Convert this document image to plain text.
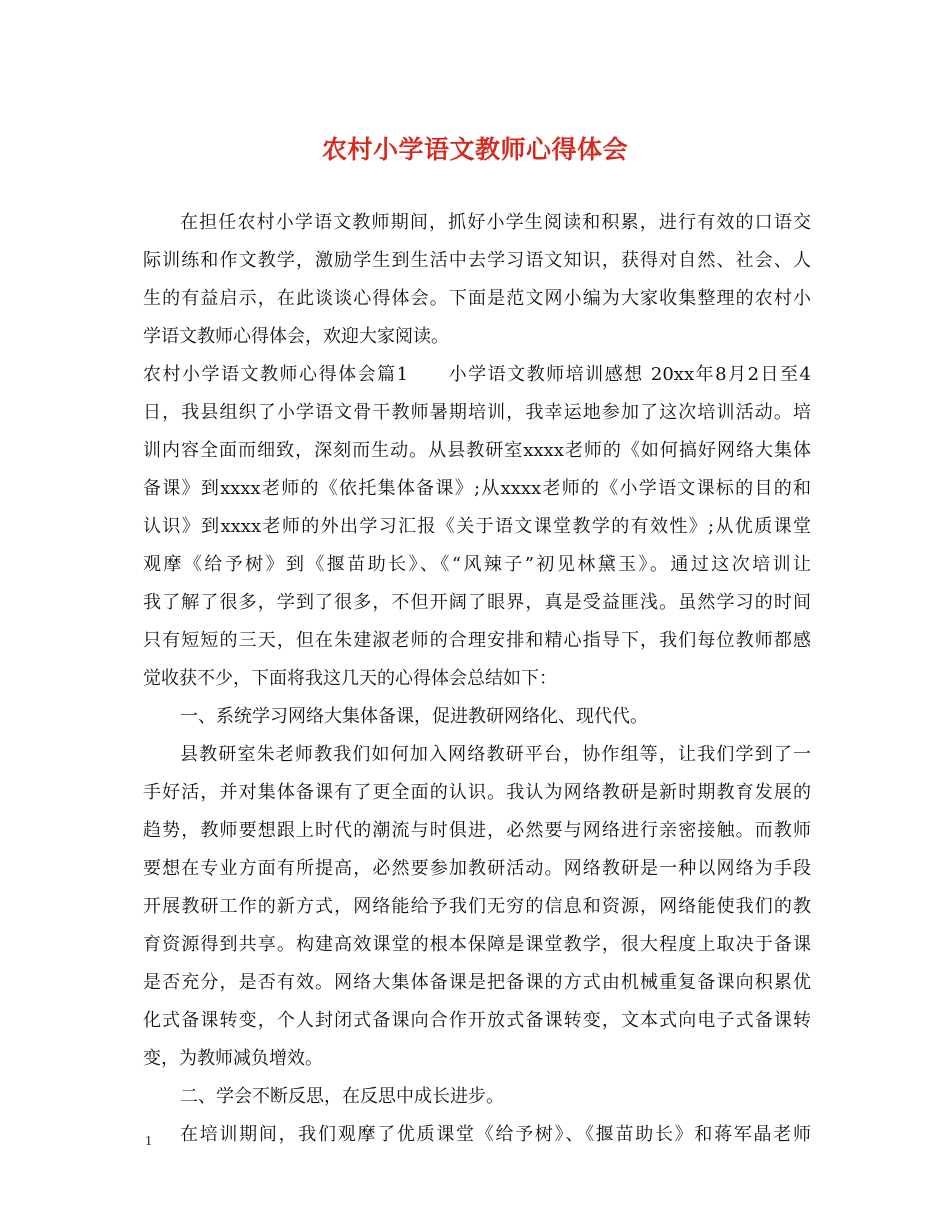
农村小学语文教师心得体会
在担任农村小学语文教师期间，抓好小学生阅读和积累，进行有效的口语交
际训练和作文教学，激励学生到生活中去学习语文知识，获得对自然、社会、人
生的有益启示，在此谈谈心得体会。下面是范文网小编为大家收集整理的农村小
学语文教师心得体会，欢迎大家阅读。
农村小学语文教师心得体会篇1　　小学语文教师培训感想 20xx年8月2日至4
日，我县组织了小学语文骨干教师暑期培训，我幸运地参加了这次培训活动。培
训内容全面而细致，深刻而生动。从县教研室xxxx老师的《如何搞好网络大集体
备课》到xxxx老师的《依托集体备课》;从xxxx老师的《小学语文课标的目的和
认识》到xxxx老师的外出学习汇报《关于语文课堂教学的有效性》;从优质课堂
观摩《给予树》到《揠苗助长》、《“风辣子”初见林黛玉》。通过这次培训让
我了解了很多，学到了很多，不但开阔了眼界，真是受益匪浅。虽然学习的时间
只有短短的三天，但在朱建淑老师的合理安排和精心指导下，我们每位教师都感
觉收获不少，下面将我这几天的心得体会总结如下：
一、系统学习网络大集体备课，促进教研网络化、现代代。
县教研室朱老师教我们如何加入网络教研平台，协作组等，让我们学到了一
手好活，并对集体备课有了更全面的认识。我认为网络教研是新时期教育发展的
趋势，教师要想跟上时代的潮流与时俱进，必然要与网络进行亲密接触。而教师
要想在专业方面有所提高，必然要参加教研活动。网络教研是一种以网络为手段
开展教研工作的新方式，网络能给予我们无穷的信息和资源，网络能使我们的教
育资源得到共享。构建高效课堂的根本保障是课堂教学，很大程度上取决于备课
是否充分，是否有效。网络大集体备课是把备课的方式由机械重复备课向积累优
化式备课转变，个人封闭式备课向合作开放式备课转变，文本式向电子式备课转
变，为教师减负增效。
二、学会不断反思，在反思中成长进步。
在培训期间，我们观摩了优质课堂《给予树》、《揠苗助长》和蒋军晶老师
1
